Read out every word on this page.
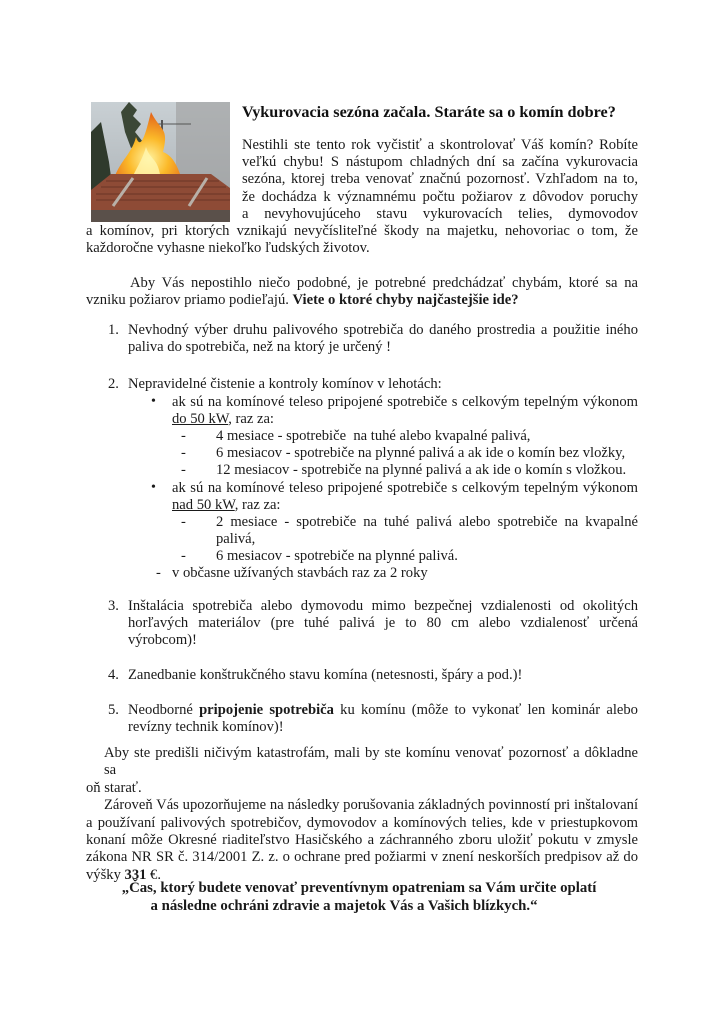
Vykurovacia sezóna začala. Staráte sa o komín dobre?
Nestihli ste tento rok vyčistiť a skontrolovať Váš komín? Robíte
veľkú chybu! S nástupom chladných dní sa začína vykurovacia
sezóna, ktorej treba venovať značnú pozornosť. Vzhľadom na to,
že dochádza k významnému počtu požiarov z dôvodov poruchy
a nevyhovujúceho stavu vykurovacích telies, dymovodov
a komínov, pri ktorých vznikajú nevyčísliteľné škody na majetku, nehovoriac o tom, že
každoročne vyhasne niekoľko ľudských životov.
Aby Vás nepostihlo niečo podobné, je potrebné predchádzať chybám, ktoré sa na
vzniku požiarov priamo podieľajú. Viete o ktoré chyby najčastejšie ide?
1. Nevhodný výber druhu palivového spotrebiča do daného prostredia a použitie iného
paliva do spotrebiča, než na ktorý je určený !
2. Nepravidelné čistenie a kontroly komínov v lehotách:
• ak sú na komínové teleso pripojené spotrebiče s celkovým tepelným výkonom
do 50 kW, raz za:
- 4 mesiace - spotrebiče  na tuhé alebo kvapalné palivá,
- 6 mesiacov - spotrebiče na plynné palivá a ak ide o komín bez vložky,
- 12 mesiacov - spotrebiče na plynné palivá a ak ide o komín s vložkou.
• ak sú na komínové teleso pripojené spotrebiče s celkovým tepelným výkonom
nad 50 kW, raz za:
- 2 mesiace - spotrebiče na tuhé palivá alebo spotrebiče na kvapalné
palivá,
- 6 mesiacov - spotrebiče na plynné palivá.
- v občasne užívaných stavbách raz za 2 roky
3. Inštalácia spotrebiča alebo dymovodu mimo bezpečnej vzdialenosti od okolitých
horľavých materiálov (pre tuhé palivá je to 80 cm alebo vzdialenosť určená
výrobcom)!
4. Zanedbanie konštrukčného stavu komína (netesnosti, špáry a pod.)!
5. Neodborné pripojenie spotrebiča ku komínu (môže to vykonať len kominár alebo
revízny technik komínov)!
Aby ste predišli ničivým katastrofám, mali by ste komínu venovať pozornosť a dôkladne sa
oň starať.
Zároveň Vás upozorňujeme na následky porušovania základných povinností pri inštalovaní
a používaní palivových spotrebičov, dymovodov a komínových telies, kde v priestupkovom
konaní môže Okresné riaditeľstvo Hasičského a záchranného zboru uložiť pokutu v zmysle
zákona NR SR č. 314/2001 Z. z. o ochrane pred požiarmi v znení neskorších predpisov až do
výšky 331 €.
„Čas, ktorý budete venovať preventívnym opatreniam sa Vám určite oplatí
a následne ochráni zdravie a majetok Vás a Vašich blízkych.“
